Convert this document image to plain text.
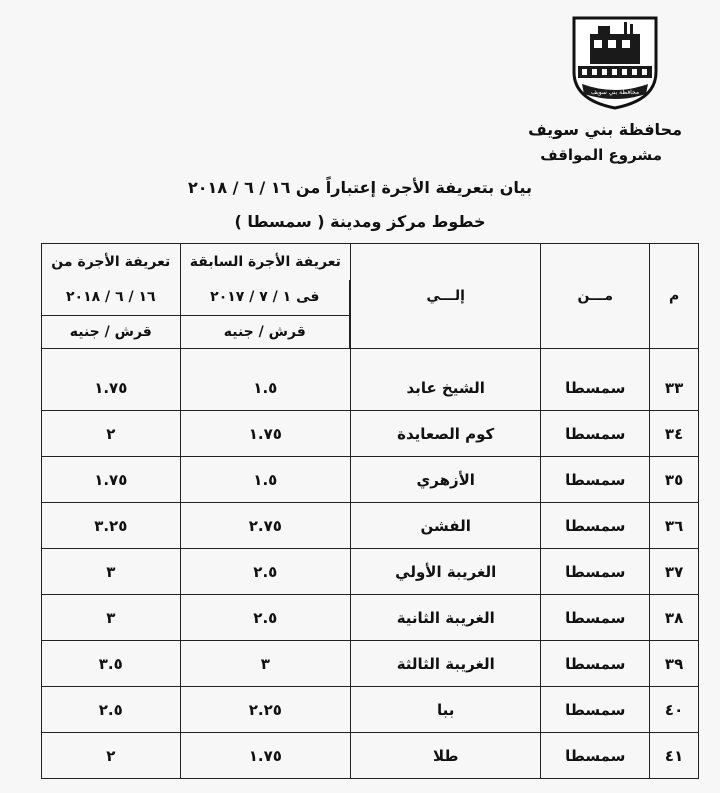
محافظة بني سويف
محافظة بني سويف
مشروع المواقف
بيان بتعريفة الأجرة إعتباراً من ١٦ / ٦ / ٢٠١٨
خطوط مركز ومدينة ( سمسطا )
م	مـــن	إلـــي	تعريفة الأجرة السابقة	تعريفة الأجرة من
			فى ١ / ٧ / ٢٠١٧	١٦ / ٦ / ٢٠١٨
			قرش / جنيه	قرش / جنيه

٣٣	سمسطا	الشيخ عابد	١.٥	١.٧٥
٣٤	سمسطا	كوم الصعايدة	١.٧٥	٢
٣٥	سمسطا	الأزهري	١.٥	١.٧٥
٣٦	سمسطا	الفشن	٢.٧٥	٣.٢٥
٣٧	سمسطا	الغريبة الأولي	٢.٥	٣
٣٨	سمسطا	الغريبة الثانية	٢.٥	٣
٣٩	سمسطا	الغريبة الثالثة	٣	٣.٥
٤٠	سمسطا	ببا	٢.٢٥	٢.٥
٤١	سمسطا	طلا	١.٧٥	٢
